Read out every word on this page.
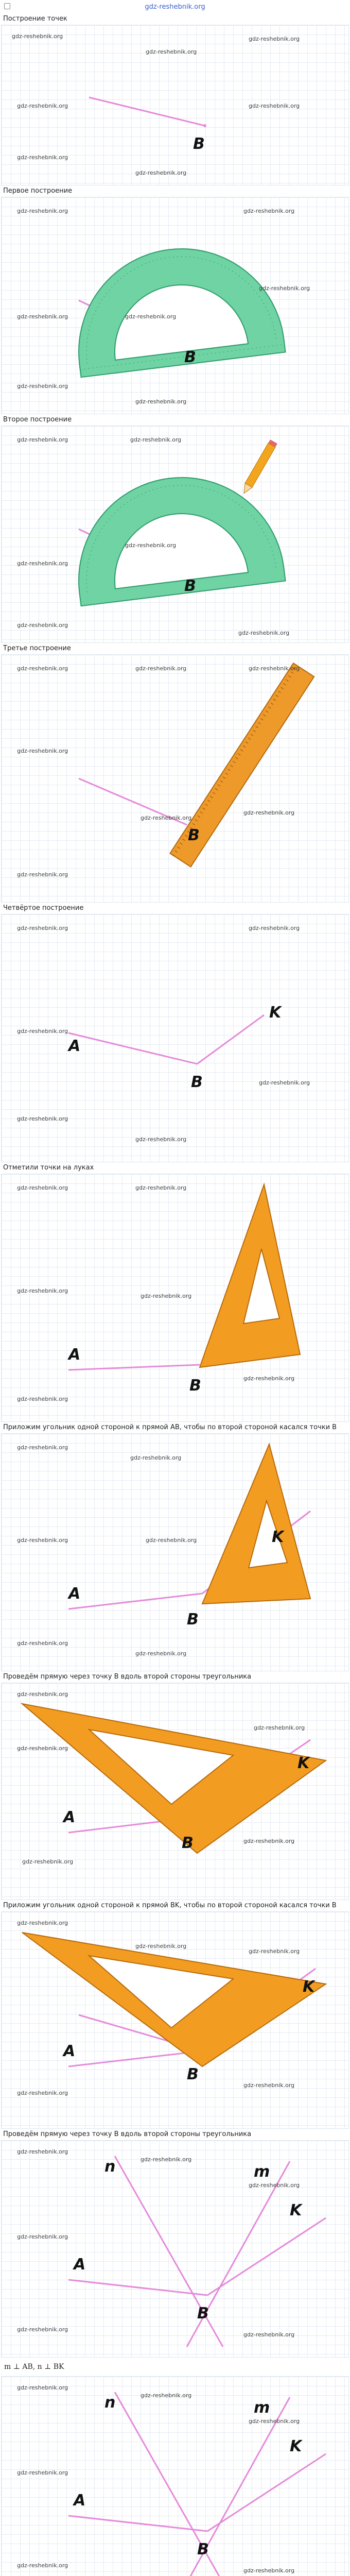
gdz-reshebnik.org

Построение точек

B
gdz-reshebnik.org
gdz-reshebnik.org
gdz-reshebnik.org
gdz-reshebnik.org	gdz-reshebnik.org
gdz-reshebnik.org
gdz-reshebnik.org

Первое построение

B
gdz-reshebnik.org	gdz-reshebnik.org
gdz-reshebnik.org
gdz-reshebnik.org
gdz-reshebnik.org
gdz-reshebnik.org
gdz-reshebnik.org

Второе построение

B
gdz-reshebnik.org	gdz-reshebnik.org
gdz-reshebnik.org
gdz-reshebnik.org
gdz-reshebnik.org
gdz-reshebnik.org

Третье построение

B
gdz-reshebnik.org	gdz-reshebnik.org	gdz-reshebnik.org
gdz-reshebnik.org
gdz-reshebnik.org
gdz-reshebnik.org
gdz-reshebnik.org

Четвёртое построение

A
B
K
gdz-reshebnik.org	gdz-reshebnik.org
gdz-reshebnik.org
gdz-reshebnik.org
gdz-reshebnik.org
gdz-reshebnik.org

Отметили точки на луках

A
B
gdz-reshebnik.org	gdz-reshebnik.org
gdz-reshebnik.org
gdz-reshebnik.org
gdz-reshebnik.org
gdz-reshebnik.org

Приложим угольник одной стороной к прямой AB, чтобы по второй стороной касался точки B

A
B
K
gdz-reshebnik.org
gdz-reshebnik.org
gdz-reshebnik.org	gdz-reshebnik.org
gdz-reshebnik.org
gdz-reshebnik.org

Проведём прямую через точку B вдоль второй стороны треугольника

A
B
K
gdz-reshebnik.org
gdz-reshebnik.org
gdz-reshebnik.org
gdz-reshebnik.org
gdz-reshebnik.org

Приложим угольник одной стороной к прямой BK, чтобы по второй стороной касался точки B

A
B
K
gdz-reshebnik.org
gdz-reshebnik.org
gdz-reshebnik.org
gdz-reshebnik.org
gdz-reshebnik.org

Проведём прямую через точку B вдоль второй стороны треугольника

A
B
K
n	m
gdz-reshebnik.org
gdz-reshebnik.org
gdz-reshebnik.org
gdz-reshebnik.org
gdz-reshebnik.org
gdz-reshebnik.org
m ⊥ AB, n ⊥ BK
A
B
K
n	m
gdz-reshebnik.org
gdz-reshebnik.org
gdz-reshebnik.org
gdz-reshebnik.org
gdz-reshebnik.org
gdz-reshebnik.org
